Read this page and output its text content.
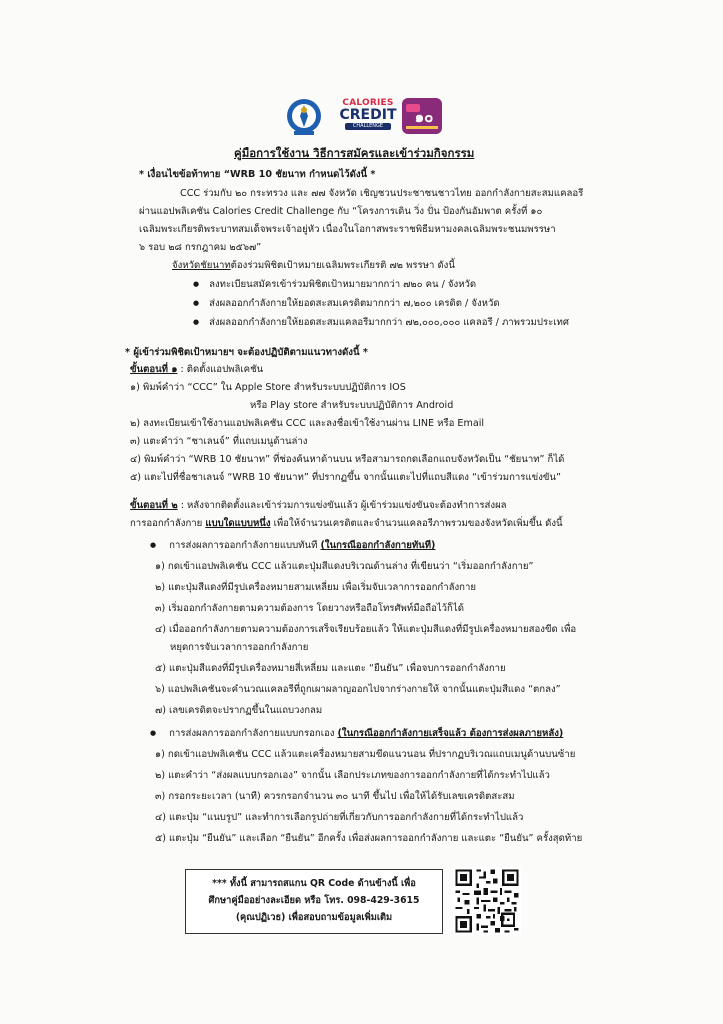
CALORIES
CREDIT
CHALLENGE	๑๐
คู่มือการใช้งาน วิธีการสมัครและเข้าร่วมกิจกรรม
* เงื่อนไขข้อท้าทาย “WRB 10 ชัยนาท กำหนดไว้ดังนี้ *
CCC ร่วมกับ ๒๐ กระทรวง และ ๗๗ จังหวัด เชิญชวนประชาชนชาวไทย ออกกำลังกายสะสมแคลอรี
ผ่านแอปพลิเคชัน Calories Credit Challenge กับ “โครงการเดิน วิ่ง ปั่น ป้องกันอัมพาต ครั้งที่ ๑๐
เฉลิมพระเกียรติพระบาทสมเด็จพระเจ้าอยู่หัว เนื่องในโอกาสพระราชพิธีมหามงคลเฉลิมพระชนมพรรษา
๖ รอบ ๒๘ กรกฎาคม ๒๕๖๗”
จังหวัดชัยนาทต้องร่วมพิชิตเป้าหมายเฉลิมพระเกียรติ ๗๒ พรรษา ดังนี้
● ลงทะเบียนสมัครเข้าร่วมพิชิตเป้าหมายมากกว่า ๗๒๐ คน / จังหวัด
● ส่งผลออกกำลังกายให้ยอดสะสมเครดิตมากกว่า ๗,๒๐๐ เครดิต / จังหวัด
● ส่งผลออกกำลังกายให้ยอดสะสมแคลอรีมากกว่า ๗๒,๐๐๐,๐๐๐ แคลอรี / ภาพรวมประเทศ
* ผู้เข้าร่วมพิชิตเป้าหมายฯ จะต้องปฏิบัติตามแนวทางดังนี้ *
ขั้นตอนที่ ๑ : ติดตั้งแอปพลิเคชัน
๑) พิมพ์คำว่า “CCC” ใน Apple Store สำหรับระบบปฏิบัติการ IOS
หรือ Play store สำหรับระบบปฏิบัติการ Android
๒) ลงทะเบียนเข้าใช้งานแอปพลิเคชัน CCC และลงชื่อเข้าใช้งานผ่าน LINE หรือ Email
๓) แตะคำว่า “ชาเลนจ์” ที่แถบเมนูด้านล่าง
๔) พิมพ์คำว่า “WRB 10 ชัยนาท” ที่ช่องค้นหาด้านบน หรือสามารถกดเลือกแถบจังหวัดเป็น “ชัยนาท” ก็ได้
๕) แตะไปที่ชื่อชาเลนจ์ “WRB 10 ชัยนาท” ที่ปรากฏขึ้น จากนั้นแตะไปที่แถบสีแดง “เข้าร่วมการแข่งขัน”
ขั้นตอนที่ ๒ : หลังจากติดตั้งและเข้าร่วมการแข่งขันแล้ว ผู้เข้าร่วมแข่งขันจะต้องทำการส่งผล
การออกกำลังกาย แบบใดแบบหนึ่ง เพื่อให้จำนวนเครดิตและจำนวนแคลอรีภาพรวมของจังหวัดเพิ่มขึ้น ดังนี้
● การส่งผลการออกกำลังกายแบบทันที (ในกรณีออกกำลังกายทันที)
๑) กดเข้าแอปพลิเคชัน CCC แล้วแตะปุ่มสีแดงบริเวณด้านล่าง ที่เขียนว่า “เริ่มออกกำลังกาย”
๒) แตะปุ่มสีแดงที่มีรูปเครื่องหมายสามเหลี่ยม เพื่อเริ่มจับเวลาการออกกำลังกาย
๓) เริ่มออกกำลังกายตามความต้องการ โดยวางหรือถือโทรศัพท์มือถือไว้ก็ได้
๔) เมื่อออกกำลังกายตามความต้องการเสร็จเรียบร้อยแล้ว ให้แตะปุ่มสีแดงที่มีรูปเครื่องหมายสองขีด เพื่อ
หยุดการจับเวลาการออกกำลังกาย
๕) แตะปุ่มสีแดงที่มีรูปเครื่องหมายสี่เหลี่ยม และแตะ “ยืนยัน” เพื่อจบการออกกำลังกาย
๖) แอปพลิเคชันจะคำนวณแคลอรีที่ถูกเผาผลาญออกไปจากร่างกายให้ จากนั้นแตะปุ่มสีแดง “ตกลง”
๗) เลขเครดิตจะปรากฏขึ้นในแถบวงกลม
● การส่งผลการออกกำลังกายแบบกรอกเอง (ในกรณีออกกำลังกายเสร็จแล้ว ต้องการส่งผลภายหลัง)
๑) กดเข้าแอปพลิเคชัน CCC แล้วแตะเครื่องหมายสามขีดแนวนอน ที่ปรากฏบริเวณแถบเมนูด้านบนซ้าย
๒) แตะคำว่า “ส่งผลแบบกรอกเอง” จากนั้น เลือกประเภทของการออกกำลังกายที่ได้กระทำไปแล้ว
๓) กรอกระยะเวลา (นาที) ควรกรอกจำนวน ๓๐ นาที ขึ้นไป เพื่อให้ได้รับเลขเครดิตสะสม
๔) แตะปุ่ม “แนบรูป” และทำการเลือกรูปถ่ายที่เกี่ยวกับการออกกำลังกายที่ได้กระทำไปแล้ว
๕) แตะปุ่ม “ยืนยัน” และเลือก “ยืนยัน” อีกครั้ง เพื่อส่งผลการออกกำลังกาย และแตะ “ยืนยัน” ครั้งสุดท้าย
*** ทั้งนี้ สามารถสแกน QR Code ด้านข้างนี้ เพื่อ
ศึกษาคู่มืออย่างละเอียด หรือ โทร. 098-429-3615
(คุณปฏิเวธ) เพื่อสอบถามข้อมูลเพิ่มเติม
